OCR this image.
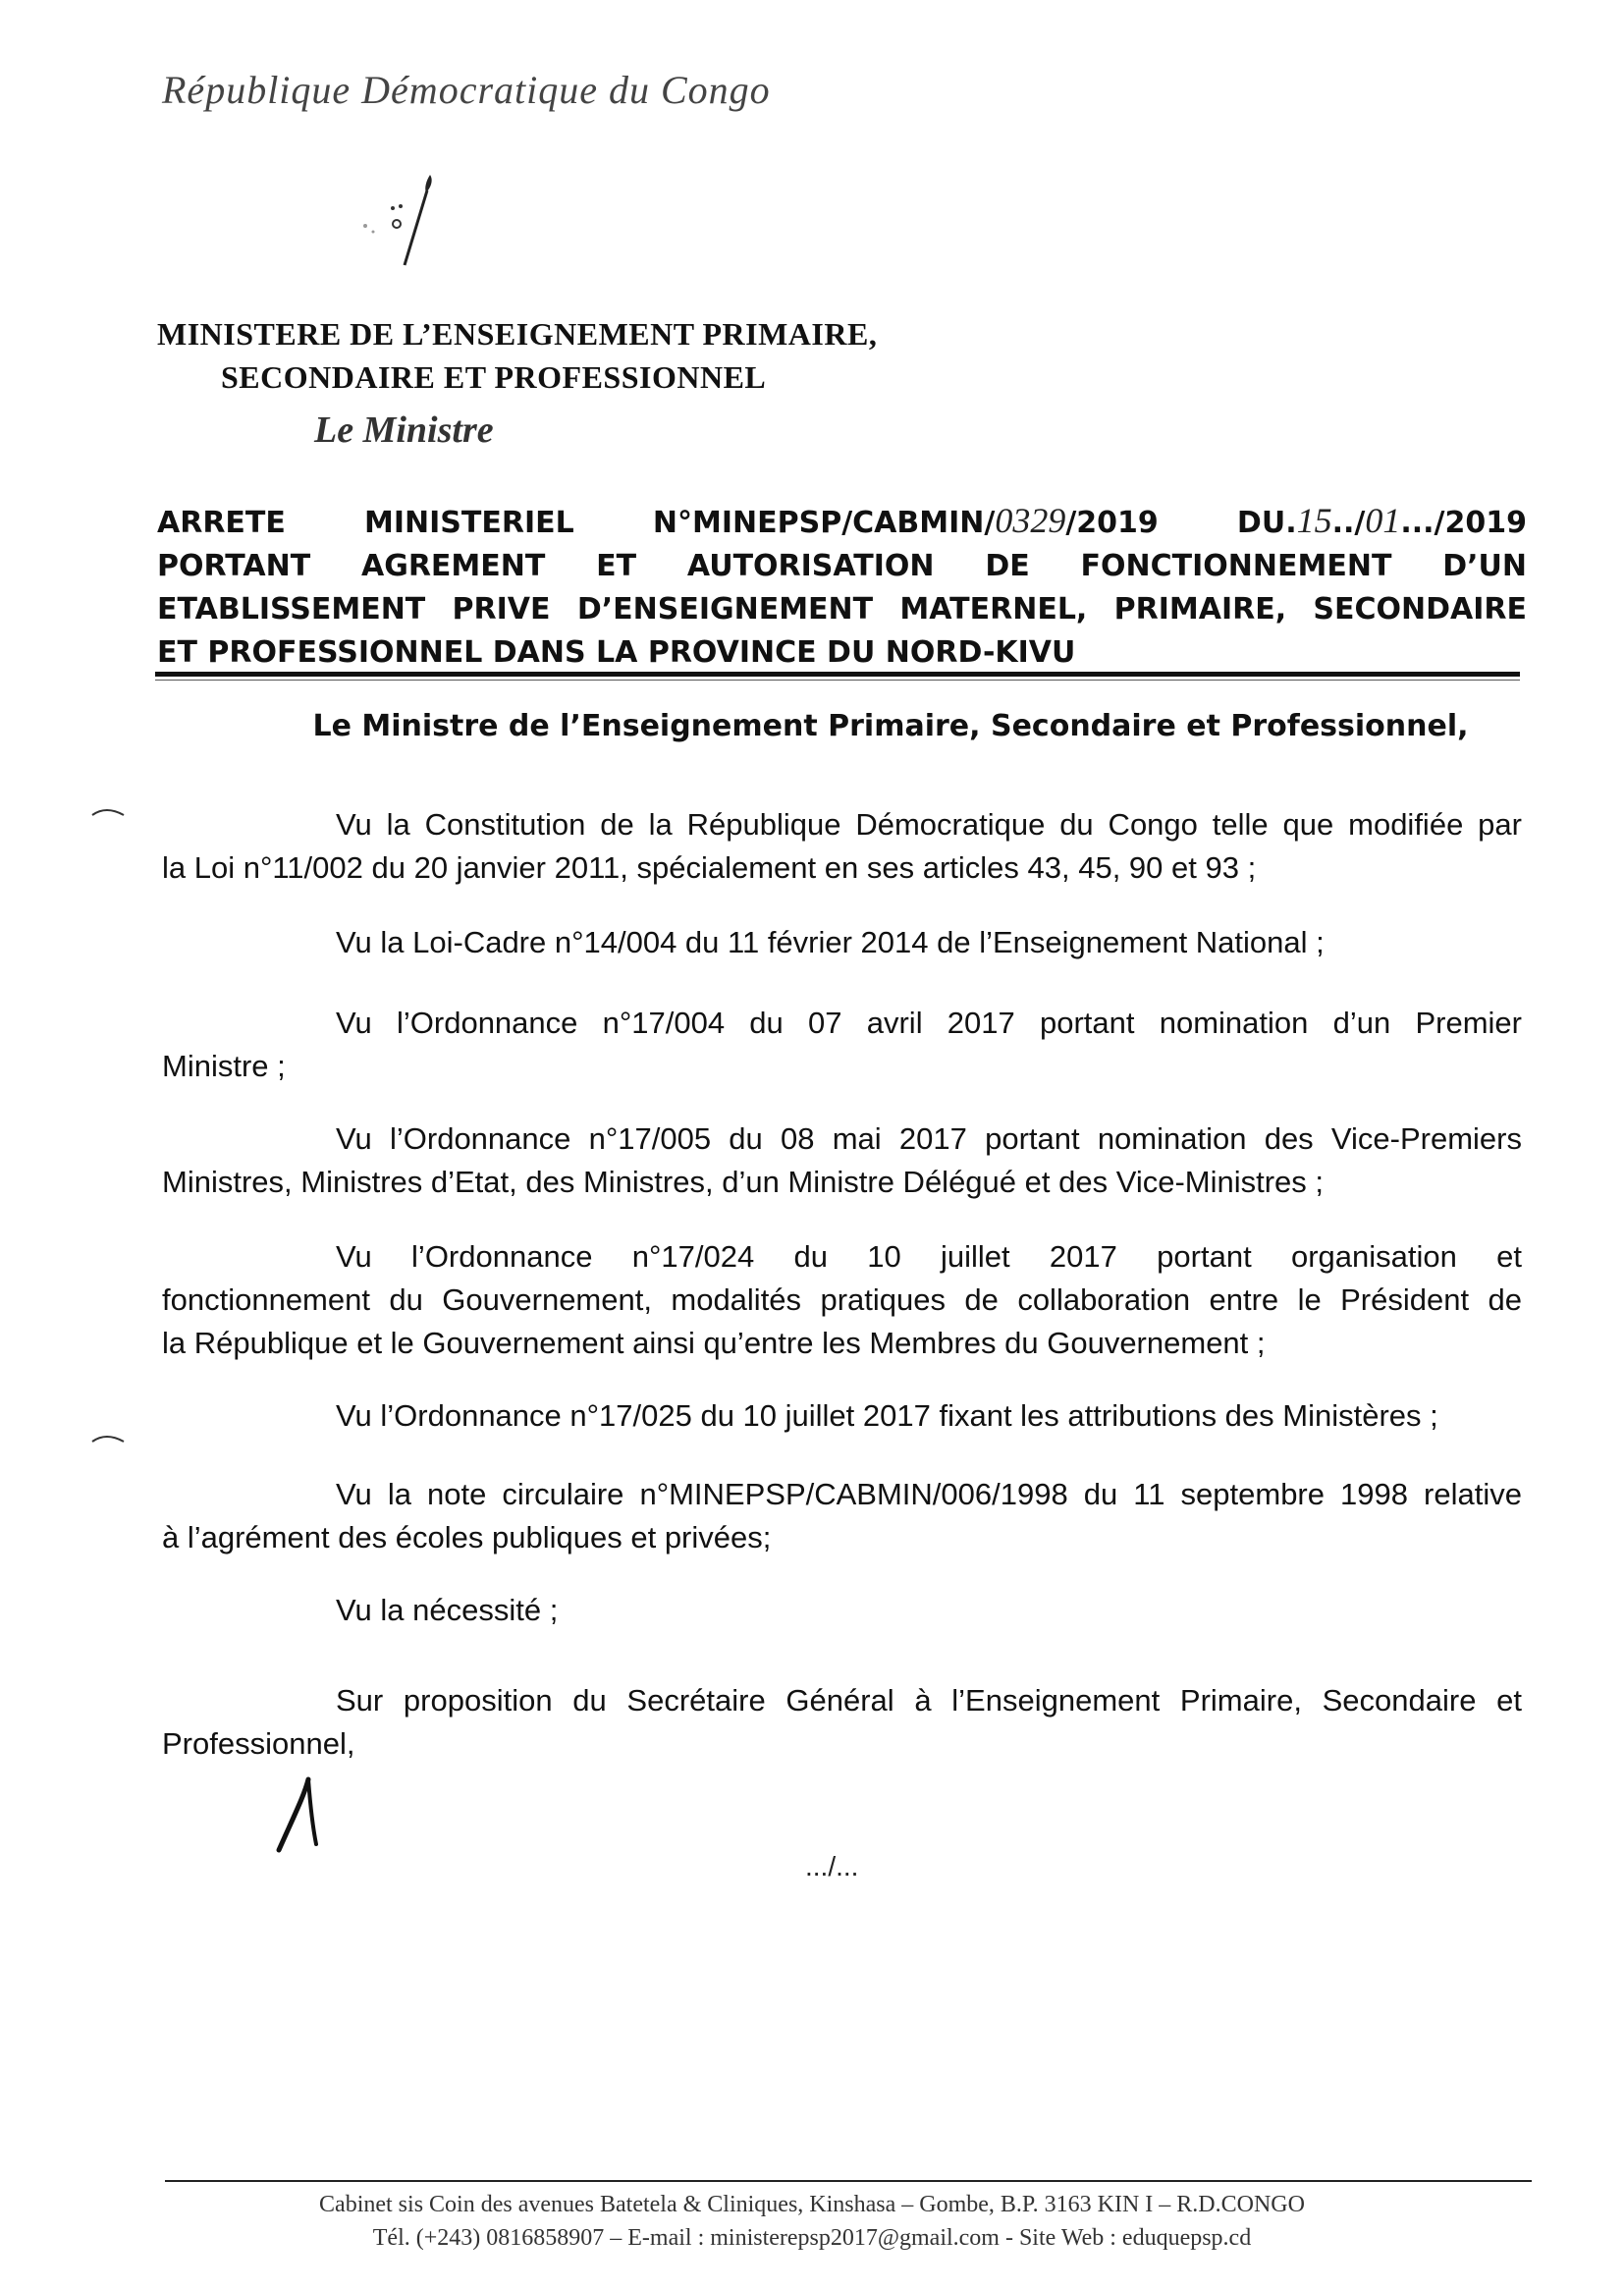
République Démocratique du Congo
MINISTERE DE L’ENSEIGNEMENT PRIMAIRE,
SECONDAIRE ET PROFESSIONNEL
Le Ministre
ARRETE MINISTERIEL N°MINEPSP/CABMIN/0329/2019 DU.15../01.../2019
PORTANT AGREMENT ET AUTORISATION DE FONCTIONNEMENT D’UN
ETABLISSEMENT PRIVE D’ENSEIGNEMENT MATERNEL, PRIMAIRE, SECONDAIRE
ET PROFESSIONNEL DANS LA PROVINCE DU NORD-KIVU
Le Ministre de l’Enseignement Primaire, Secondaire et Professionnel,
Vu la Constitution de la République Démocratique du Congo telle que modifiée par
la Loi n°11/002 du 20 janvier 2011, spécialement en ses articles 43, 45, 90 et 93 ;
Vu la Loi-Cadre n°14/004 du 11 février 2014 de l’Enseignement National ;
Vu l’Ordonnance n°17/004 du 07 avril 2017 portant nomination d’un Premier
Ministre ;
Vu l’Ordonnance n°17/005 du 08 mai 2017 portant nomination des Vice-Premiers
Ministres, Ministres d’Etat, des Ministres, d’un Ministre Délégué et des Vice-Ministres ;
Vu l’Ordonnance n°17/024 du 10 juillet 2017 portant organisation et
fonctionnement du Gouvernement, modalités pratiques de collaboration entre le Président de
la République et le Gouvernement ainsi qu’entre les Membres du Gouvernement ;
Vu l’Ordonnance n°17/025 du 10 juillet 2017 fixant les attributions des Ministères ;
Vu la note circulaire n°MINEPSP/CABMIN/006/1998 du 11 septembre 1998 relative
à l’agrément des écoles publiques et privées;
Vu la nécessité ;
Sur proposition du Secrétaire Général à l’Enseignement Primaire, Secondaire et
Professionnel,
.../...
Cabinet sis Coin des avenues Batetela & Cliniques, Kinshasa – Gombe, B.P. 3163 KIN I – R.D.CONGO
Tél. (+243) 0816858907 – E-mail : ministerepsp2017@gmail.com - Site Web : eduquepsp.cd
